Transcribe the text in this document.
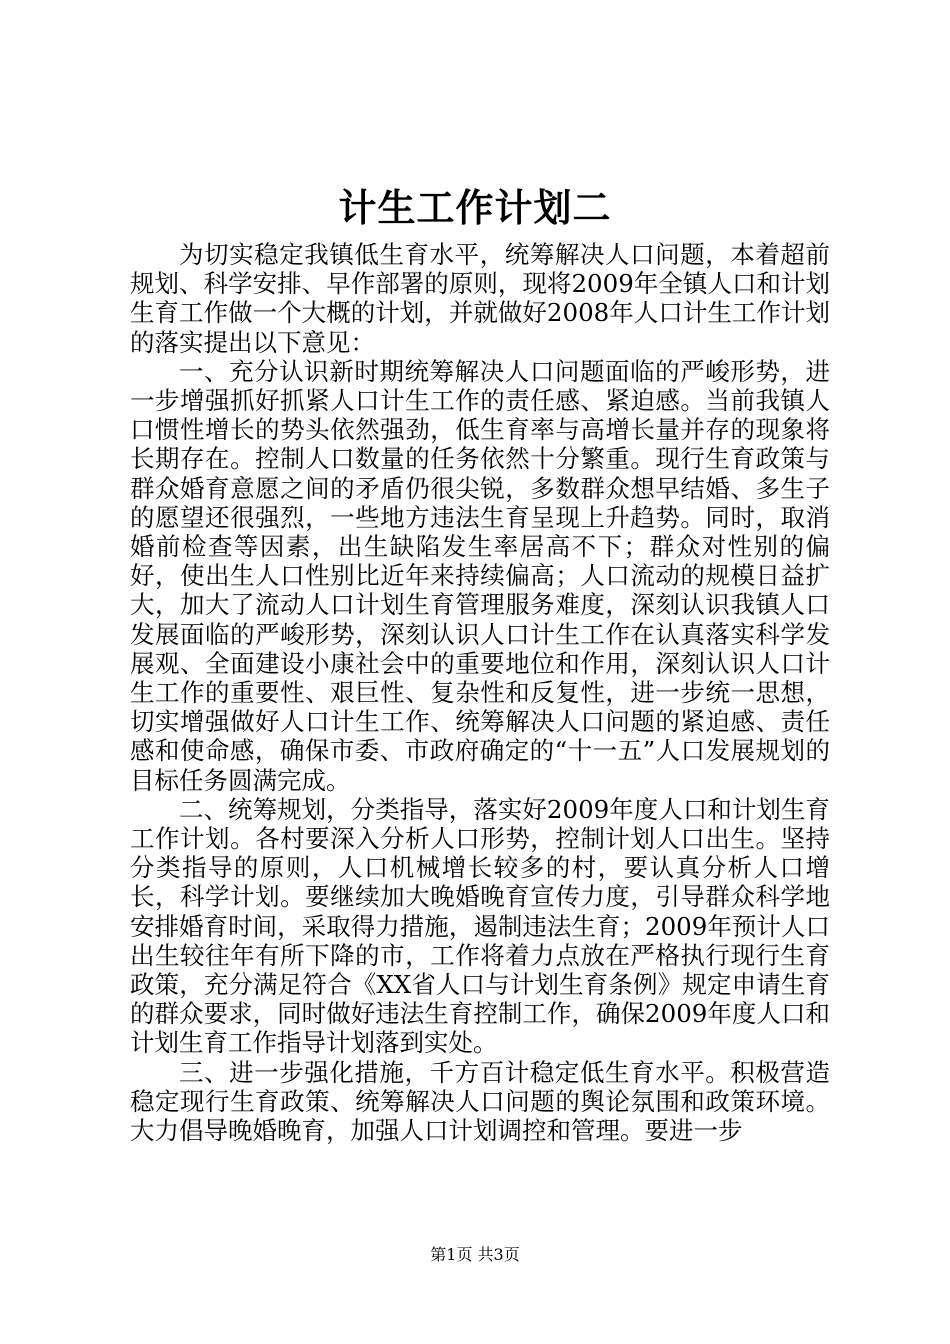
计生工作计划二

为切实稳定我镇低生育水平，统筹解决人口问题，本着超前规划、科学安排、早作部署的原则，现将2009年全镇人口和计划生育工作做一个大概的计划，并就做好2008年人口计生工作计划的落实提出以下意见：

一、充分认识新时期统筹解决人口问题面临的严峻形势，进一步增强抓好抓紧人口计生工作的责任感、紧迫感。当前我镇人口惯性增长的势头依然强劲，低生育率与高增长量并存的现象将长期存在。控制人口数量的任务依然十分繁重。现行生育政策与群众婚育意愿之间的矛盾仍很尖锐，多数群众想早结婚、多生子的愿望还很强烈，一些地方违法生育呈现上升趋势。同时，取消婚前检查等因素，出生缺陷发生率居高不下；群众对性别的偏好，使出生人口性别比近年来持续偏高；人口流动的规模日益扩大，加大了流动人口计划生育管理服务难度，深刻认识我镇人口发展面临的严峻形势，深刻认识人口计生工作在认真落实科学发展观、全面建设小康社会中的重要地位和作用，深刻认识人口计生工作的重要性、艰巨性、复杂性和反复性，进一步统一思想，切实增强做好人口计生工作、统筹解决人口问题的紧迫感、责任感和使命感，确保市委、市政府确定的“十一五”人口发展规划的目标任务圆满完成。

二、统筹规划，分类指导，落实好2009年度人口和计划生育工作计划。各村要深入分析人口形势，控制计划人口出生。坚持分类指导的原则，人口机械增长较多的村，要认真分析人口增长，科学计划。要继续加大晚婚晚育宣传力度，引导群众科学地安排婚育时间，采取得力措施，遏制违法生育；2009年预计人口出生较往年有所下降的市，工作将着力点放在严格执行现行生育政策，充分满足符合《XX省人口与计划生育条例》规定申请生育的群众要求，同时做好违法生育控制工作，确保2009年度人口和计划生育工作指导计划落到实处。

三、进一步强化措施，千方百计稳定低生育水平。积极营造稳定现行生育政策、统筹解决人口问题的舆论氛围和政策环境。大力倡导晚婚晚育，加强人口计划调控和管理。要进一步

第1页 共3页
